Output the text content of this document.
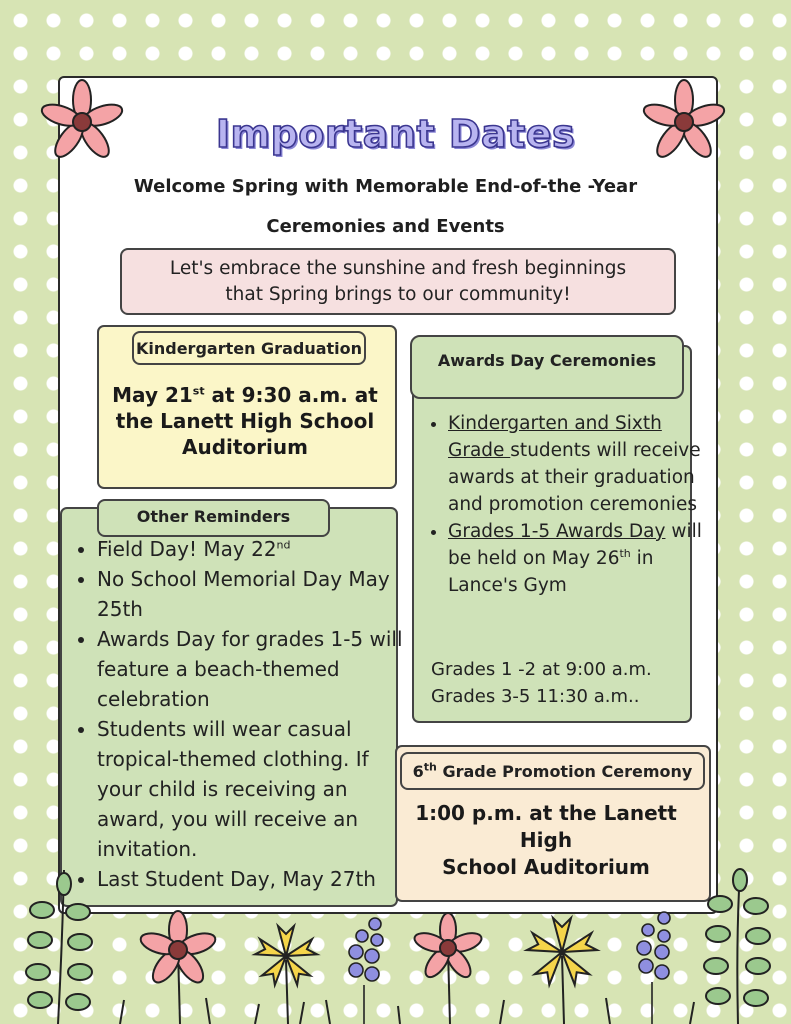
Important Dates
Welcome Spring with Memorable End-of-the -Year
Ceremonies and Events
Let's embrace the sunshine and fresh beginnings
that Spring brings to our community!
Kindergarten Graduation
May 21st at 9:30 a.m. at
the Lanett High School
Auditorium
Awards Day Ceremonies
• Kindergarten and Sixth Grade students will receive awards at their graduation and promotion ceremonies
• Grades 1-5 Awards Day will be held on May 26th in Lance's Gym
Grades 1 -2 at 9:00 a.m.
Grades 3-5 11:30 a.m..
Other Reminders
• Field Day! May 22nd
• No School Memorial Day May 25th
• Awards Day for grades 1-5 will feature a beach-themed celebration
• Students will wear casual tropical-themed clothing. If your child is receiving an award, you will receive an invitation.
• Last Student Day, May 27th
6th Grade Promotion Ceremony
1:00 p.m. at the Lanett High
School Auditorium
